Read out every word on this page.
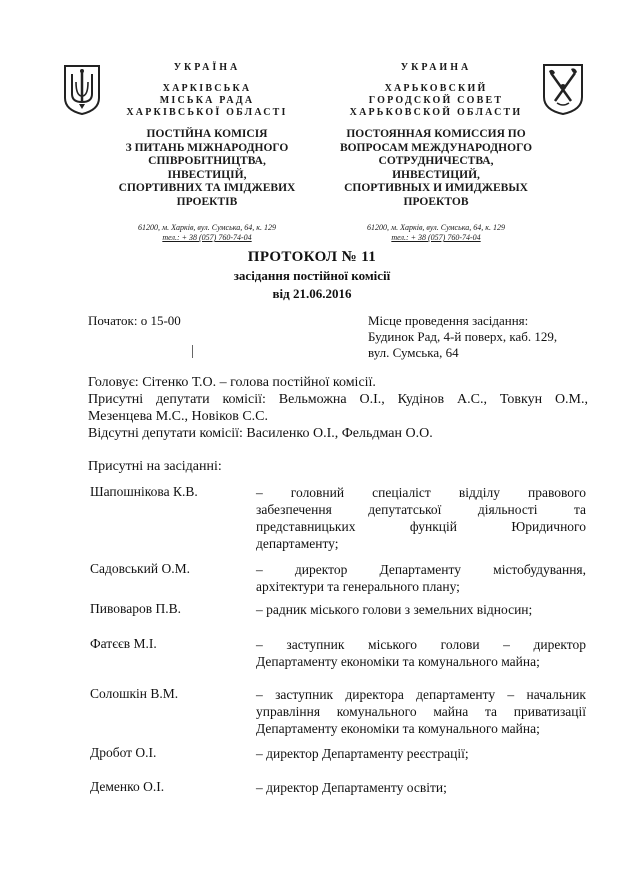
УКРАЇНА
ХАРКІВСЬКА
МІСЬКА РАДА
ХАРКІВСЬКОЇ ОБЛАСТІ
ПОСТІЙНА КОМІСІЯ
З ПИТАНЬ МІЖНАРОДНОГО
СПІВРОБІТНИЦТВА, ІНВЕСТИЦІЙ,
СПОРТИВНИХ ТА ІМІДЖЕВИХ
ПРОЕКТІВ
61200, м. Харків, вул. Сумська, 64, к. 129
тел.: + 38 (057) 760-74-04
УКРАИНА
ХАРЬКОВСКИЙ
ГОРОДСКОЙ СОВЕТ
ХАРЬКОВСКОЙ ОБЛАСТИ
ПОСТОЯННАЯ КОМИССИЯ ПО
ВОПРОСАМ МЕЖДУНАРОДНОГО
СОТРУДНИЧЕСТВА, ИНВЕСТИЦИЙ,
СПОРТИВНЫХ И ИМИДЖЕВЫХ
ПРОЕКТОВ
61200, м. Харків, вул. Сумська, 64, к. 129
тел.: + 38 (057) 760-74-04
ПРОТОКОЛ № 11
засідання постійної комісії
від 21.06.2016
Початок: о 15-00	Місце проведення засідання:
Будинок Рад, 4-й поверх, каб. 129,
вул. Сумська, 64
Головує: Сітенко Т.О. – голова постійної комісії.
Присутні депутати комісії: Вельможна О.І., Кудінов А.С., Товкун О.М.,
Мезенцева М.С., Новіков С.С.
Відсутні депутати комісії: Василенко О.І., Фельдман О.О.
Присутні на засіданні:
Шапошнікова К.В.	– головний спеціаліст відділу правового
забезпечення депутатської діяльності та
представницьких функцій Юридичного
департаменту;
Садовський О.М.	– директор Департаменту містобудування,
архітектури та генерального плану;
Пивоваров П.В.	– радник міського голови з земельних відносин;
Фатєєв М.І.	– заступник міського голови – директор
Департаменту економіки та комунального майна;
Солошкін В.М.	– заступник директора департаменту – начальник
управління комунального майна та приватизації
Департаменту економіки та комунального майна;
Дробот О.І.	– директор Департаменту реєстрації;
Деменко О.І.	– директор Департаменту освіти;
